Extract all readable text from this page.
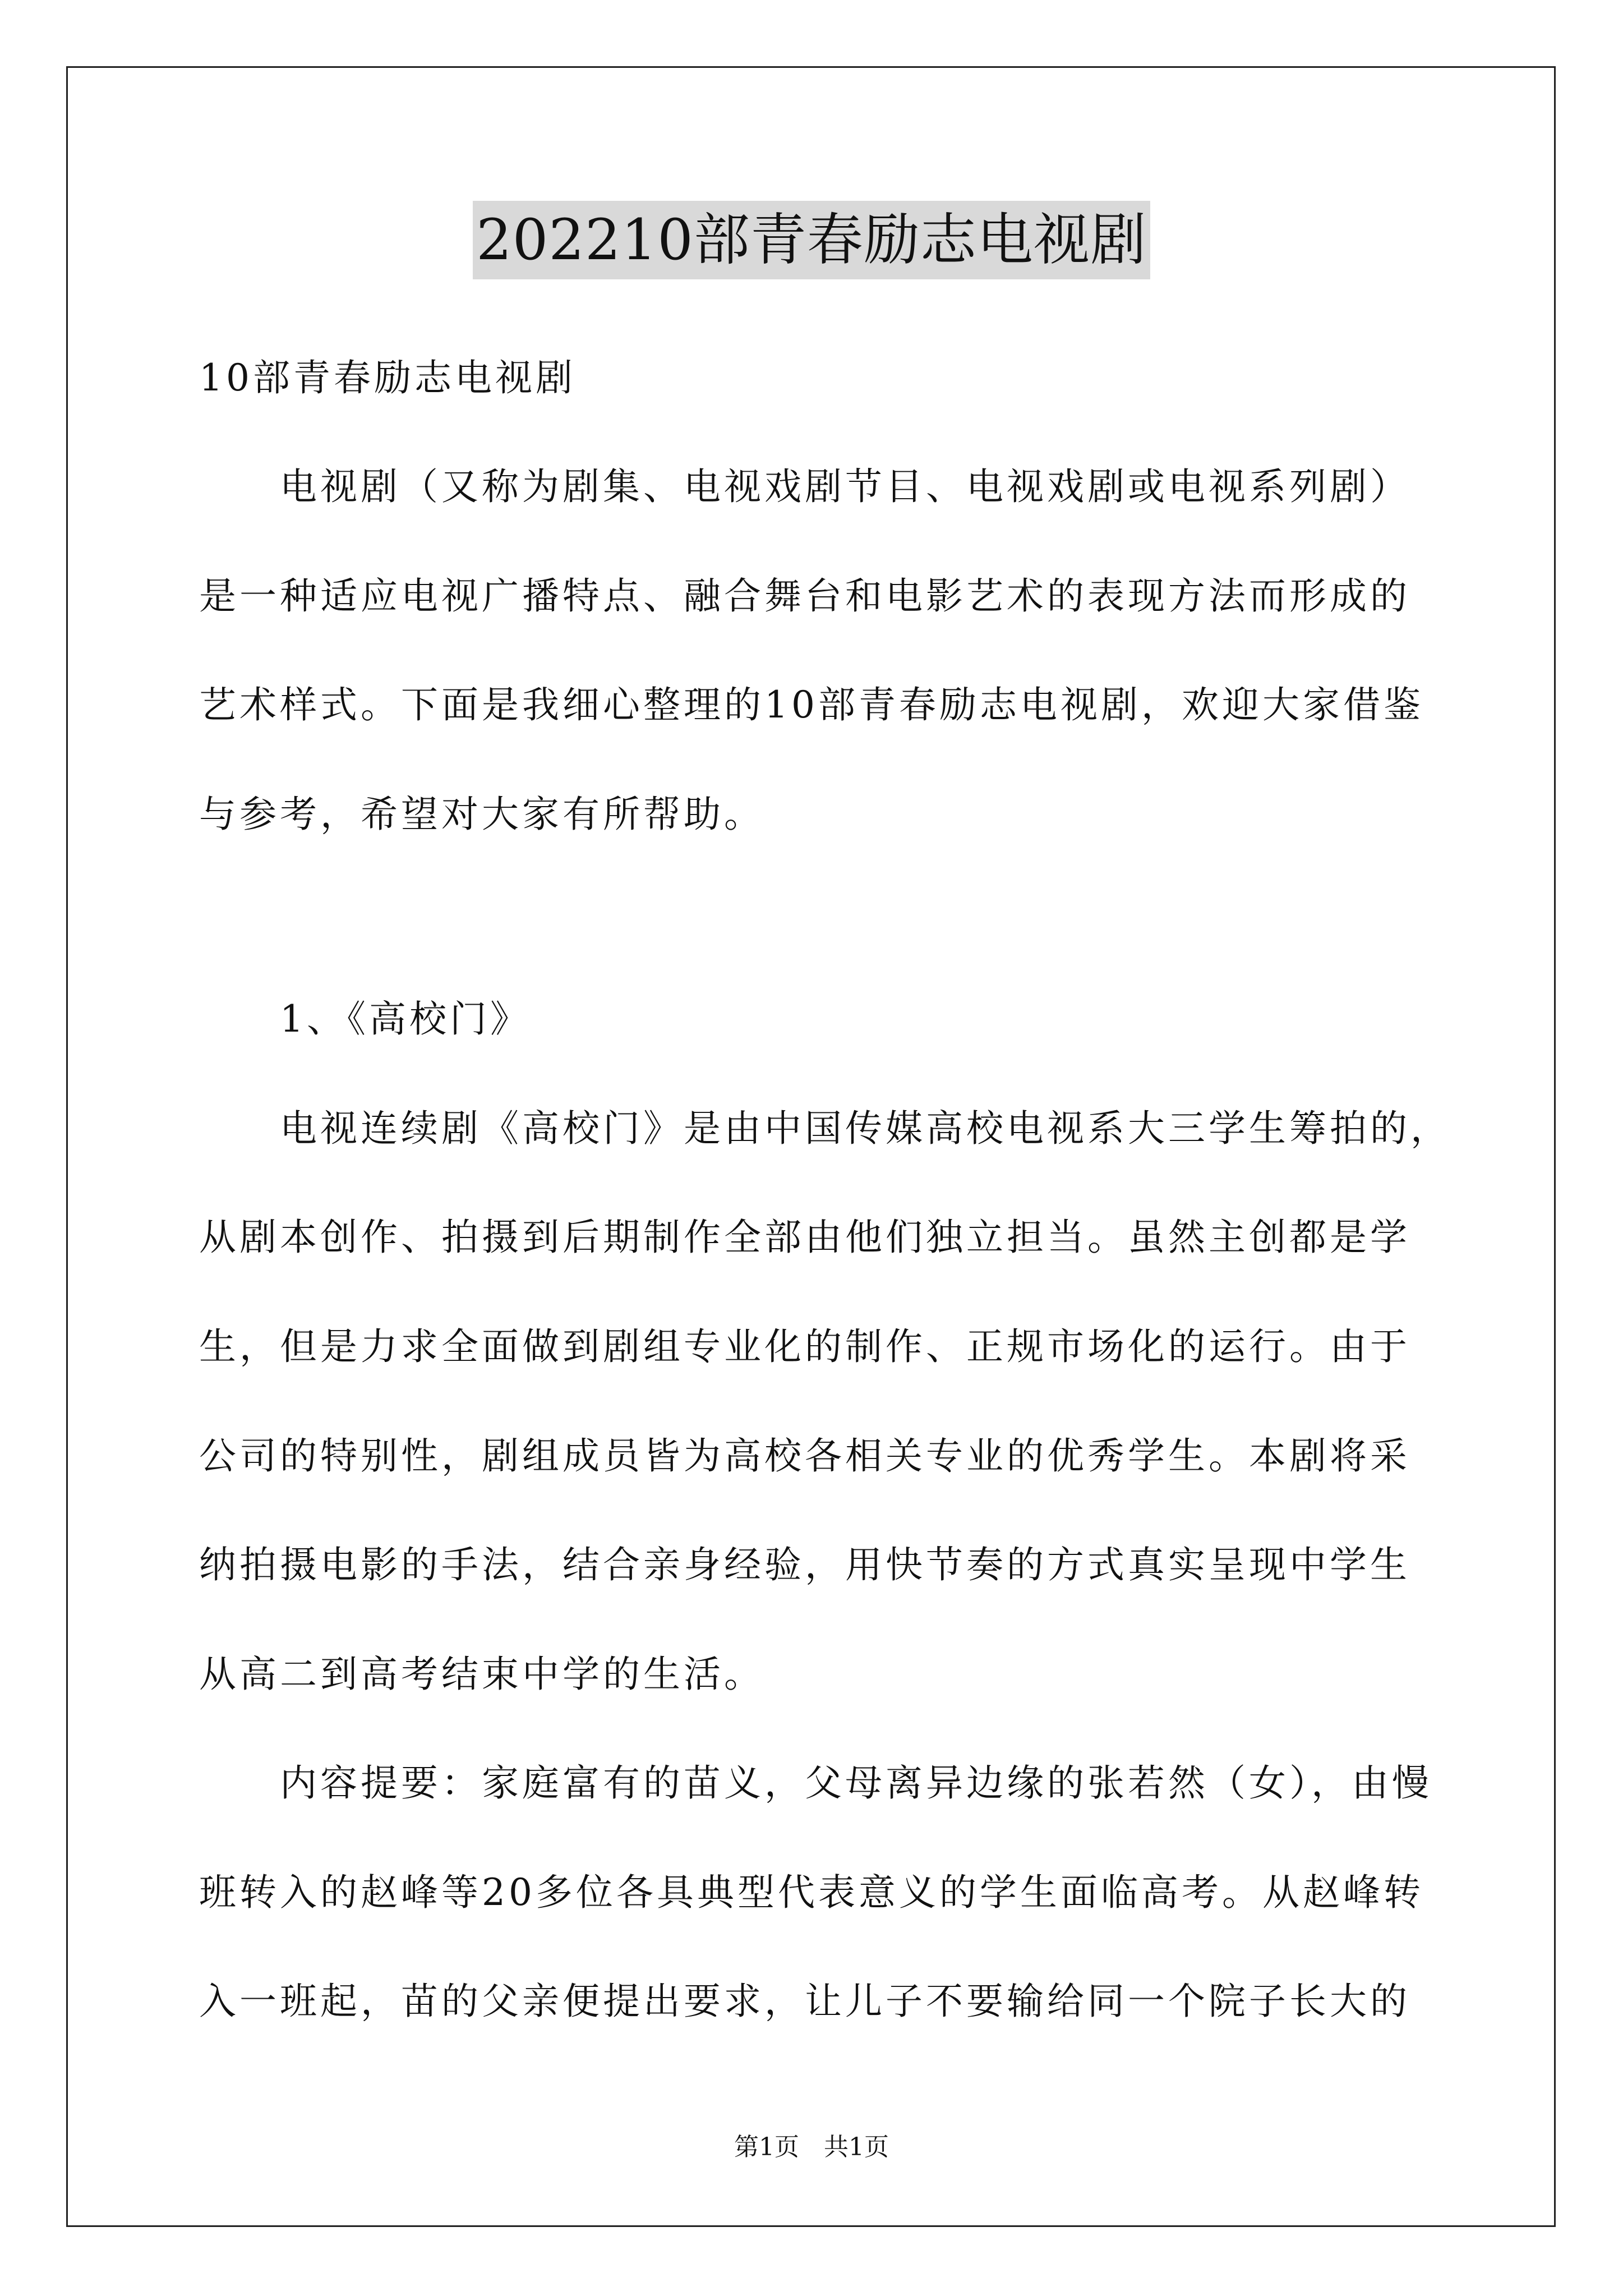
202210部青春励志电视剧
10部青春励志电视剧
　　电视剧（又称为剧集、电视戏剧节目、电视戏剧或电视系列剧）
是一种适应电视广播特点、融合舞台和电影艺术的表现方法而形成的
艺术样式。下面是我细心整理的10部青春励志电视剧，欢迎大家借鉴
与参考，希望对大家有所帮助。
　　1、《高校门》
　　电视连续剧《高校门》是由中国传媒高校电视系大三学生筹拍的，
从剧本创作、拍摄到后期制作全部由他们独立担当。虽然主创都是学
生，但是力求全面做到剧组专业化的制作、正规市场化的运行。由于
公司的特别性，剧组成员皆为高校各相关专业的优秀学生。本剧将采
纳拍摄电影的手法，结合亲身经验，用快节奏的方式真实呈现中学生
从高二到高考结束中学的生活。
　　内容提要：家庭富有的苗义，父母离异边缘的张若然（女），由慢
班转入的赵峰等20多位各具典型代表意义的学生面临高考。从赵峰转
入一班起，苗的父亲便提出要求，让儿子不要输给同一个院子长大的
第1页　共1页
